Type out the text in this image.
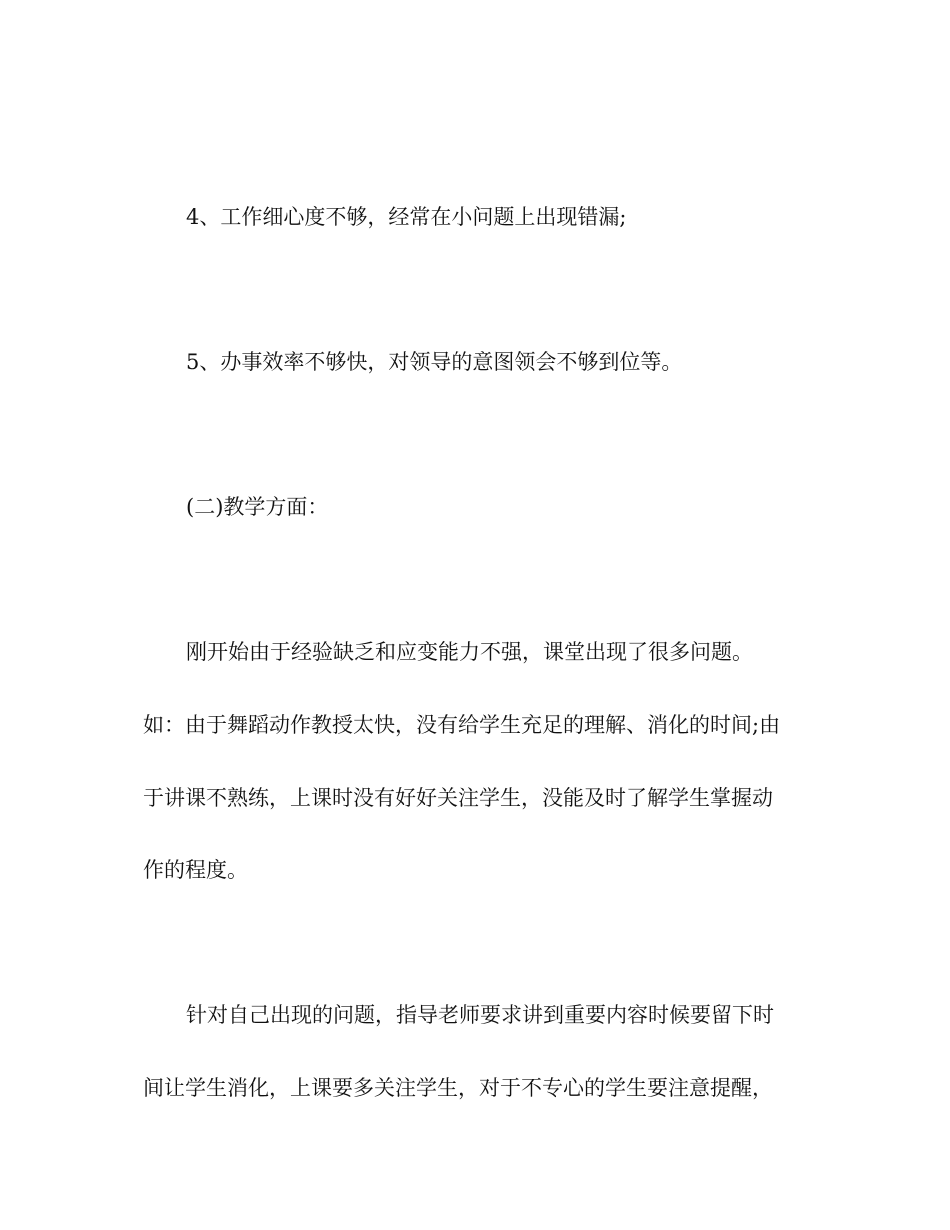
4、工作细心度不够，经常在小问题上出现错漏;
5、办事效率不够快，对领导的意图领会不够到位等。
(二)教学方面：
刚开始由于经验缺乏和应变能力不强，课堂出现了很多问题。
如：由于舞蹈动作教授太快，没有给学生充足的理解、消化的时间;由
于讲课不熟练，上课时没有好好关注学生，没能及时了解学生掌握动
作的程度。
针对自己出现的问题，指导老师要求讲到重要内容时候要留下时
间让学生消化，上课要多关注学生，对于不专心的学生要注意提醒，
